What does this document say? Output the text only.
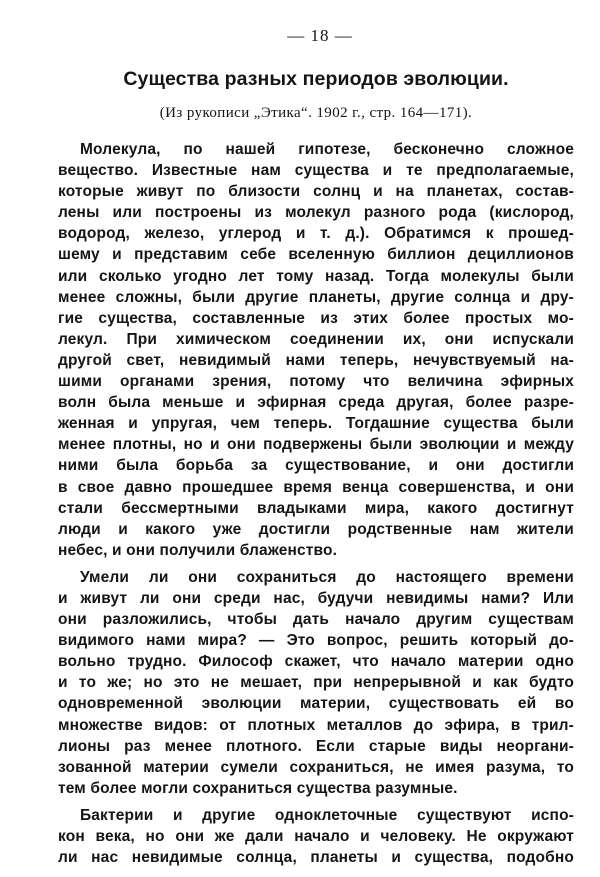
— 18 —
Существа разных периодов эволюции.
(Из рукописи „Этика“. 1902 г., стр. 164—171).
Молекула, по нашей гипотезе, бесконечно сложное
вещество. Известные нам существа и те предполагаемые,
которые живут по близости солнц и на планетах, состав-
лены или построены из молекул разного рода (кислород,
водород, железо, углерод и т. д.). Обратимся к прошед-
шему и представим себе вселенную биллион дециллионов
или сколько угодно лет тому назад. Тогда молекулы были
менее сложны, были другие планеты, другие солнца и дру-
гие существа, составленные из этих более простых мо-
лекул. При химическом соединении их, они испускали
другой свет, невидимый нами теперь, нечувствуемый на-
шими органами зрения, потому что величина эфирных
волн была меньше и эфирная среда другая, более разре-
женная и упругая, чем теперь. Тогдашние существа были
менее плотны, но и они подвержены были эволюции и между
ними была борьба за существование, и они достигли
в свое давно прошедшее время венца совершенства, и они
стали бессмертными владыками мира, какого достигнут
люди и какого уже достигли родственные нам жители
небес, и они получили блаженство.
Умели ли они сохраниться до настоящего времени
и живут ли они среди нас, будучи невидимы нами? Или
они разложились, чтобы дать начало другим существам
видимого нами мира? — Это вопрос, решить который до-
вольно трудно. Философ скажет, что начало материи одно
и то же; но это не мешает, при непрерывной и как будто
одновременной эволюции материи, существовать ей во
множестве видов: от плотных металлов до эфира, в трил-
лионы раз менее плотного. Если старые виды неоргани-
зованной материи сумели сохраниться, не имея разума, то
тем более могли сохраниться существа разумные.
Бактерии и другие одноклеточные существуют испо-
кон века, но они же дали начало и человеку. Не окружают
ли нас невидимые солнца, планеты и существа, подобно
